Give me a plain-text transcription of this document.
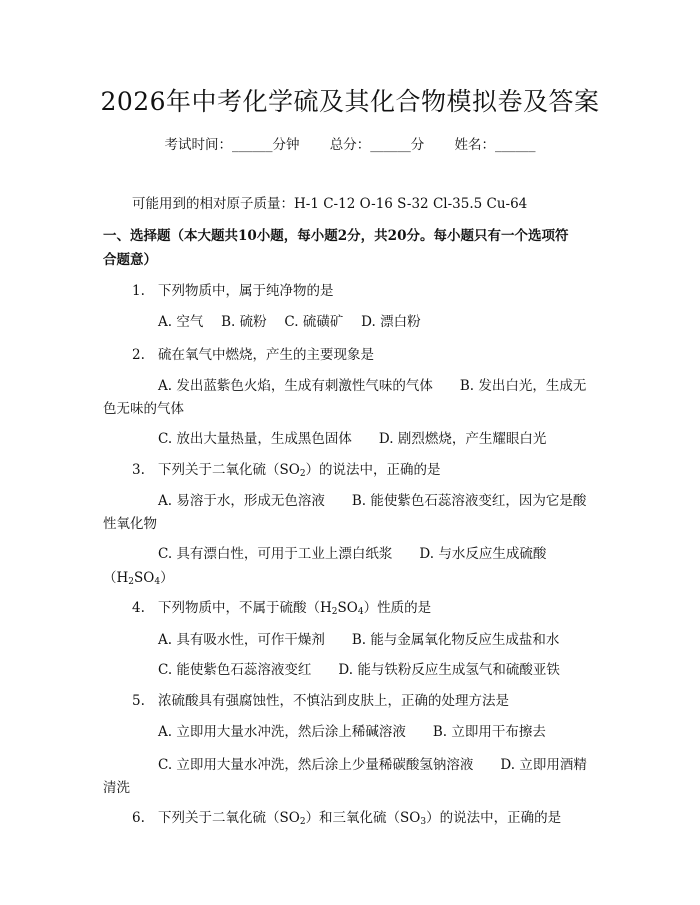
2026年中考化学硫及其化合物模拟卷及答案
考试时间：______分钟 总分：______分 姓名：______
可能用到的相对原子质量：H-1 C-12 O-16 S-32 Cl-35.5 Cu-64
一、选择题（本大题共10小题，每小题2分，共20分。每小题只有一个选项符
合题意）
1. 下列物质中，属于纯净物的是
A. 空气　 B. 硫粉　 C. 硫磺矿　 D. 漂白粉
2. 硫在氧气中燃烧，产生的主要现象是
A. 发出蓝紫色火焰，生成有刺激性气味的气体　　B. 发出白光，生成无
色无味的气体
C. 放出大量热量，生成黑色固体　　D. 剧烈燃烧，产生耀眼白光
3. 下列关于二氧化硫$(SO_2)$的说法中，正确的是
A. 易溶于水，形成无色溶液　　B. 能使紫色石蕊溶液变红，因为它是酸
性氧化物
C. 具有漂白性，可用于工业上漂白纸浆　　D. 与水反应生成硫酸
$(H_2SO_4)$
4. 下列物质中，不属于硫酸$(H_2SO_4)$性质的是
A. 具有吸水性，可作干燥剂　　B. 能与金属氧化物反应生成盐和水
C. 能使紫色石蕊溶液变红　　D. 能与铁粉反应生成氢气和硫酸亚铁
5. 浓硫酸具有强腐蚀性，不慎沾到皮肤上，正确的处理方法是
A. 立即用大量水冲洗，然后涂上稀碱溶液　　B. 立即用干布擦去
C. 立即用大量水冲洗，然后涂上少量稀碳酸氢钠溶液　　D. 立即用酒精
清洗
6. 下列关于二氧化硫$(SO_2)$和三氧化硫$(SO_3)$的说法中，正确的是
